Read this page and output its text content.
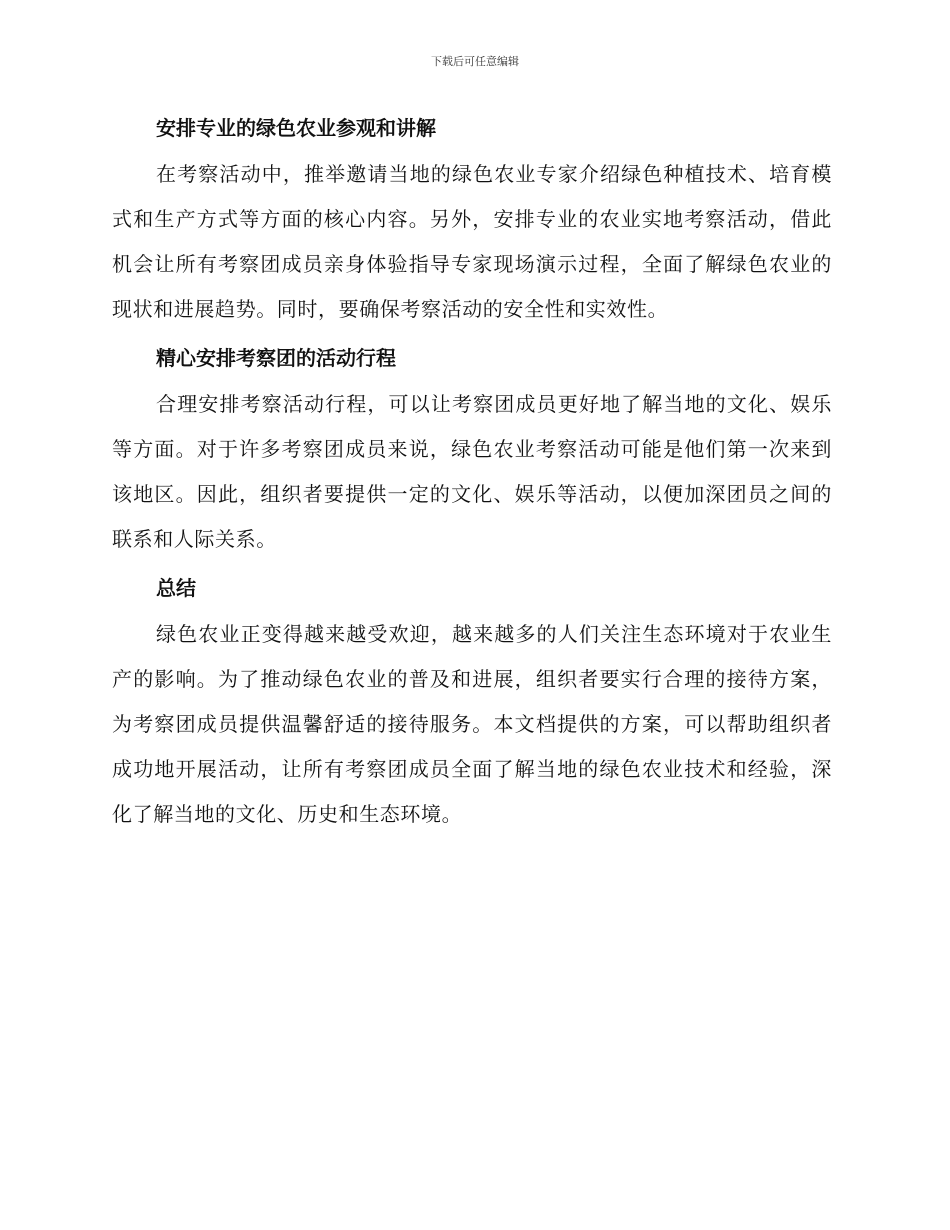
下载后可任意编辑
安排专业的绿色农业参观和讲解

在考察活动中，推举邀请当地的绿色农业专家介绍绿色种植技术、培育模式和生产方式等方面的核心内容。另外，安排专业的农业实地考察活动，借此机会让所有考察团成员亲身体验指导专家现场演示过程，全面了解绿色农业的现状和进展趋势。同时，要确保考察活动的安全性和实效性。

精心安排考察团的活动行程

合理安排考察活动行程，可以让考察团成员更好地了解当地的文化、娱乐等方面。对于许多考察团成员来说，绿色农业考察活动可能是他们第一次来到该地区。因此，组织者要提供一定的文化、娱乐等活动，以便加深团员之间的联系和人际关系。

总结

绿色农业正变得越来越受欢迎，越来越多的人们关注生态环境对于农业生产的影响。为了推动绿色农业的普及和进展，组织者要实行合理的接待方案，为考察团成员提供温馨舒适的接待服务。本文档提供的方案，可以帮助组织者成功地开展活动，让所有考察团成员全面了解当地的绿色农业技术和经验，深化了解当地的文化、历史和生态环境。
